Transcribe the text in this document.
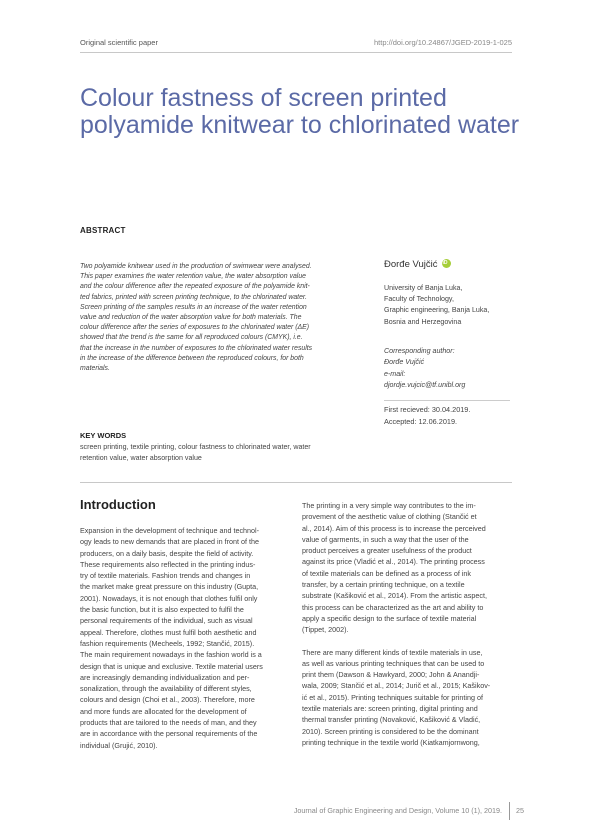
Original scientific paper	http://doi.org/10.24867/JGED-2019-1-025
Colour fastness of screen printed
polyamide knitwear to chlorinated water
ABSTRACT
Two polyamide knitwear used in the production of swimwear were analysed.
This paper examines the water retention value, the water absorption value
and the colour difference after the repeated exposure of the polyamide knit-
ted fabrics, printed with screen printing technique, to the chlorinated water.
Screen printing of the samples results in an increase of the water retention
value and reduction of the water absorption value for both materials. The
colour difference after the series of exposures to the chlorinated water (ΔE)
showed that the trend is the same for all reproduced colours (CMYK), i.e.
that the increase in the number of exposures to the chlorinated water results
in the increase of the difference between the reproduced colours, for both
materials.
Đorđe VujčićiD
University of Banja Luka,
Faculty of Technology,
Graphic engineering, Banja Luka,
Bosnia and Herzegovina
Corresponding author:
Đorđe Vujčić
e-mail:
djordje.vujcic@tf.unibl.org
First recieved: 30.04.2019.
Accepted: 12.06.2019.
KEY WORDS
screen printing, textile printing, colour fastness to chlorinated water, water
retention value, water absorption value
Introduction
Expansion in the development of technique and technol-
ogy leads to new demands that are placed in front of the
producers, on a daily basis, despite the field of activity.
These requirements also reflected in the printing indus-
try of textile materials. Fashion trends and changes in
the market make great pressure on this industry (Gupta,
2001). Nowadays, it is not enough that clothes fulfil only
the basic function, but it is also expected to fulfil the
personal requirements of the individual, such as visual
appeal. Therefore, clothes must fulfil both aesthetic and
fashion requirements (Mecheels, 1992; Stančić, 2015).
The main requirement nowadays in the fashion world is a
design that is unique and exclusive. Textile material users
are increasingly demanding individualization and per-
sonalization, through the availability of different styles,
colours and design (Choi et al., 2003). Therefore, more
and more funds are allocated for the development of
products that are tailored to the needs of man, and they
are in accordance with the personal requirements of the
individual (Grujić, 2010).
The printing in a very simple way contributes to the im-
provement of the aesthetic value of clothing (Stančić et
al., 2014). Aim of this process is to increase the perceived
value of garments, in such a way that the user of the
product perceives a greater usefulness of the product
against its price (Vladić et al., 2014). The printing process
of textile materials can be defined as a process of ink
transfer, by a certain printing technique, on a textile
substrate (Kašiković et al., 2014). From the artistic aspect,
this process can be characterized as the art and ability to
apply a specific design to the surface of textile material
(Tippet, 2002).
There are many different kinds of textile materials in use,
as well as various printing techniques that can be used to
print them (Dawson & Hawkyard, 2000; John & Anandji-
wala, 2009; Stančić et al., 2014; Jurič et al., 2015; Kašikov-
ić et al., 2015). Printing techniques suitable for printing of
textile materials are: screen printing, digital printing and
thermal transfer printing (Novaković, Kašiković & Vladić,
2010). Screen printing is considered to be the dominant
printing technique in the textile world (Kiatkamjornwong,
Journal of Graphic Engineering and Design, Volume 10 (1), 2019. 25
